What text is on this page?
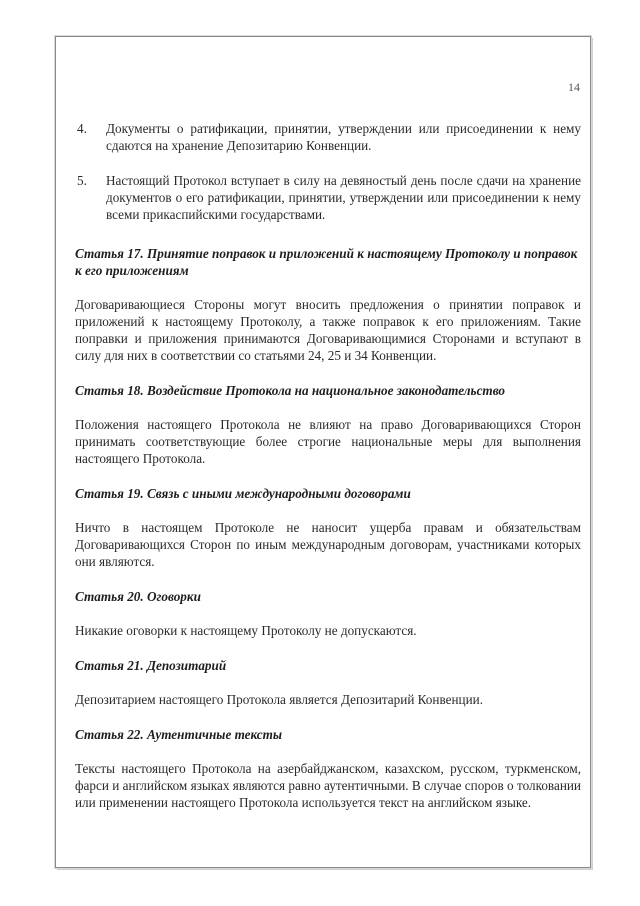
14
4.	Документы о ратификации, принятии, утверждении или присоединении к нему сдаются на хранение Депозитарию Конвенции.
5.	Настоящий Протокол вступает в силу на девяностый день после сдачи на хранение документов о его ратификации, принятии, утверждении или присоединении к нему всеми прикаспийскими государствами.
Статья 17. Принятие поправок и приложений к настоящему Протоколу и поправок к его приложениям
Договаривающиеся Стороны могут вносить предложения о принятии поправок и приложений к настоящему Протоколу, а также поправок к его приложениям. Такие поправки и приложения принимаются Договаривающимися Сторонами и вступают в силу для них в соответствии со статьями 24, 25 и 34 Конвенции.
Статья 18. Воздействие Протокола на национальное законодательство
Положения настоящего Протокола не влияют на право Договаривающихся Сторон принимать соответствующие более строгие национальные меры для выполнения настоящего Протокола.
Статья 19. Связь с иными международными договорами
Ничто в настоящем Протоколе не наносит ущерба правам и обязательствам Договаривающихся Сторон по иным международным договорам, участниками которых они являются.
Статья 20. Оговорки
Никакие оговорки к настоящему Протоколу не допускаются.
Статья 21. Депозитарий
Депозитарием настоящего Протокола является Депозитарий Конвенции.
Статья 22. Аутентичные тексты
Тексты настоящего Протокола на азербайджанском, казахском, русском, туркменском, фарси и английском языках являются равно аутентичными. В случае споров о толковании или применении настоящего Протокола используется текст на английском языке.
